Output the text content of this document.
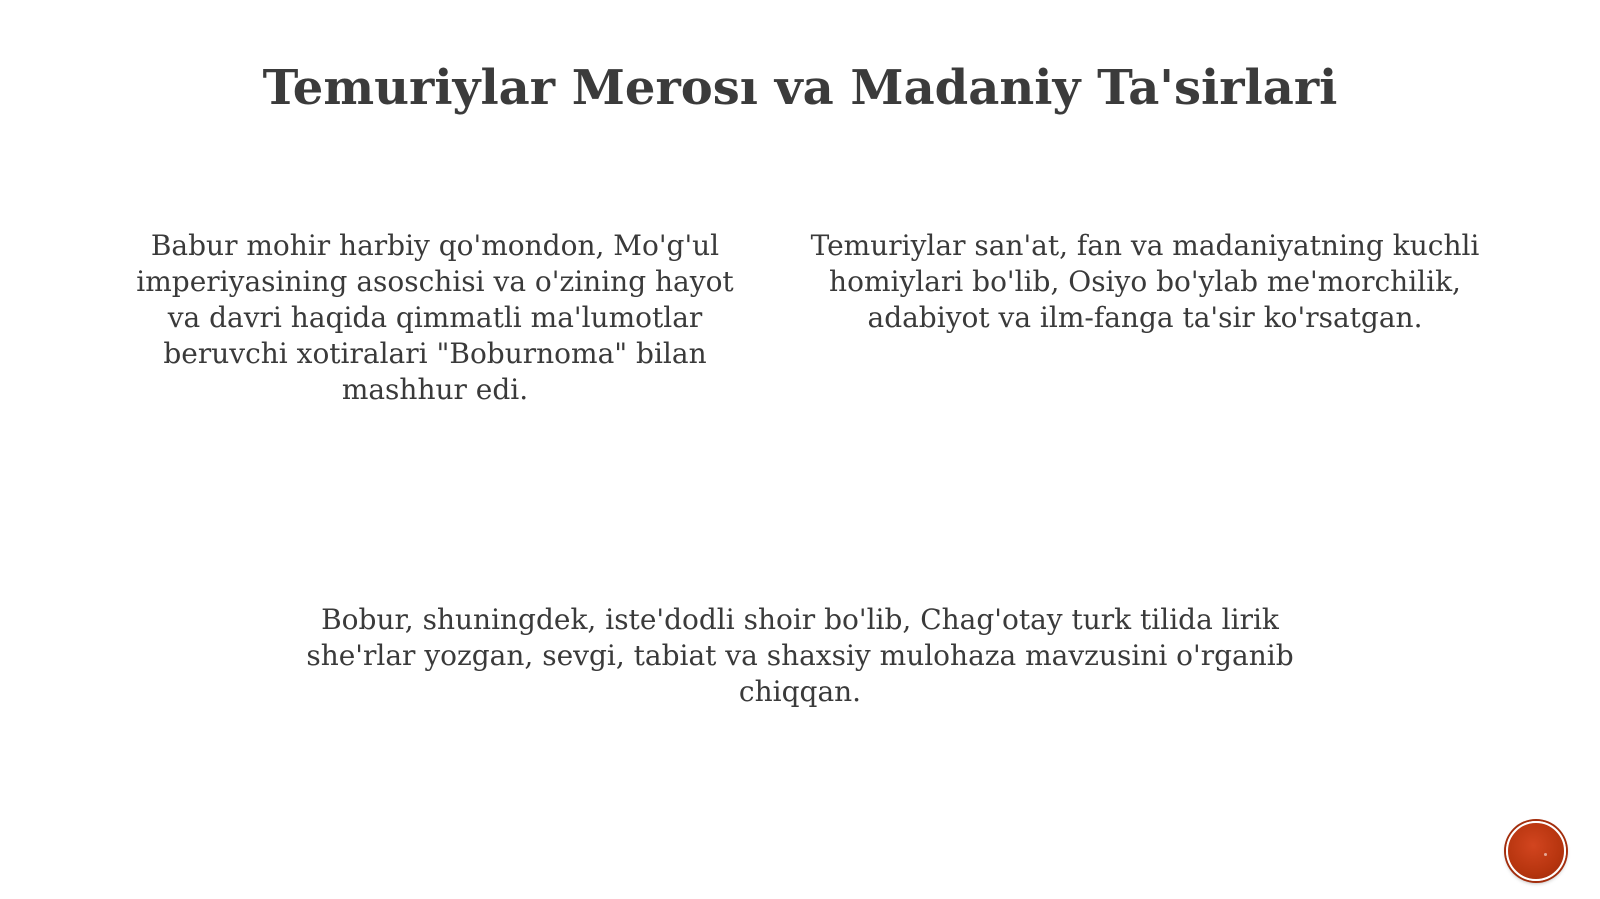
Temuriylar Merosı va Madaniy Ta'sirlari

Babur mohir harbiy qo'mondon, Mo'g'ul imperiyasining asoschisi va o'zining hayot va davri haqida qimmatli ma'lumotlar beruvchi xotiralari "Boburnoma" bilan mashhur edi.

Temuriylar san'at, fan va madaniyatning kuchli homiylari bo'lib, Osiyo bo'ylab me'morchilik, adabiyot va ilm-fanga ta'sir ko'rsatgan.

Bobur, shuningdek, iste'dodli shoir bo'lib, Chag'otay turk tilida lirik she'rlar yozgan, sevgi, tabiat va shaxsiy mulohaza mavzusini o'rganib chiqqan.
